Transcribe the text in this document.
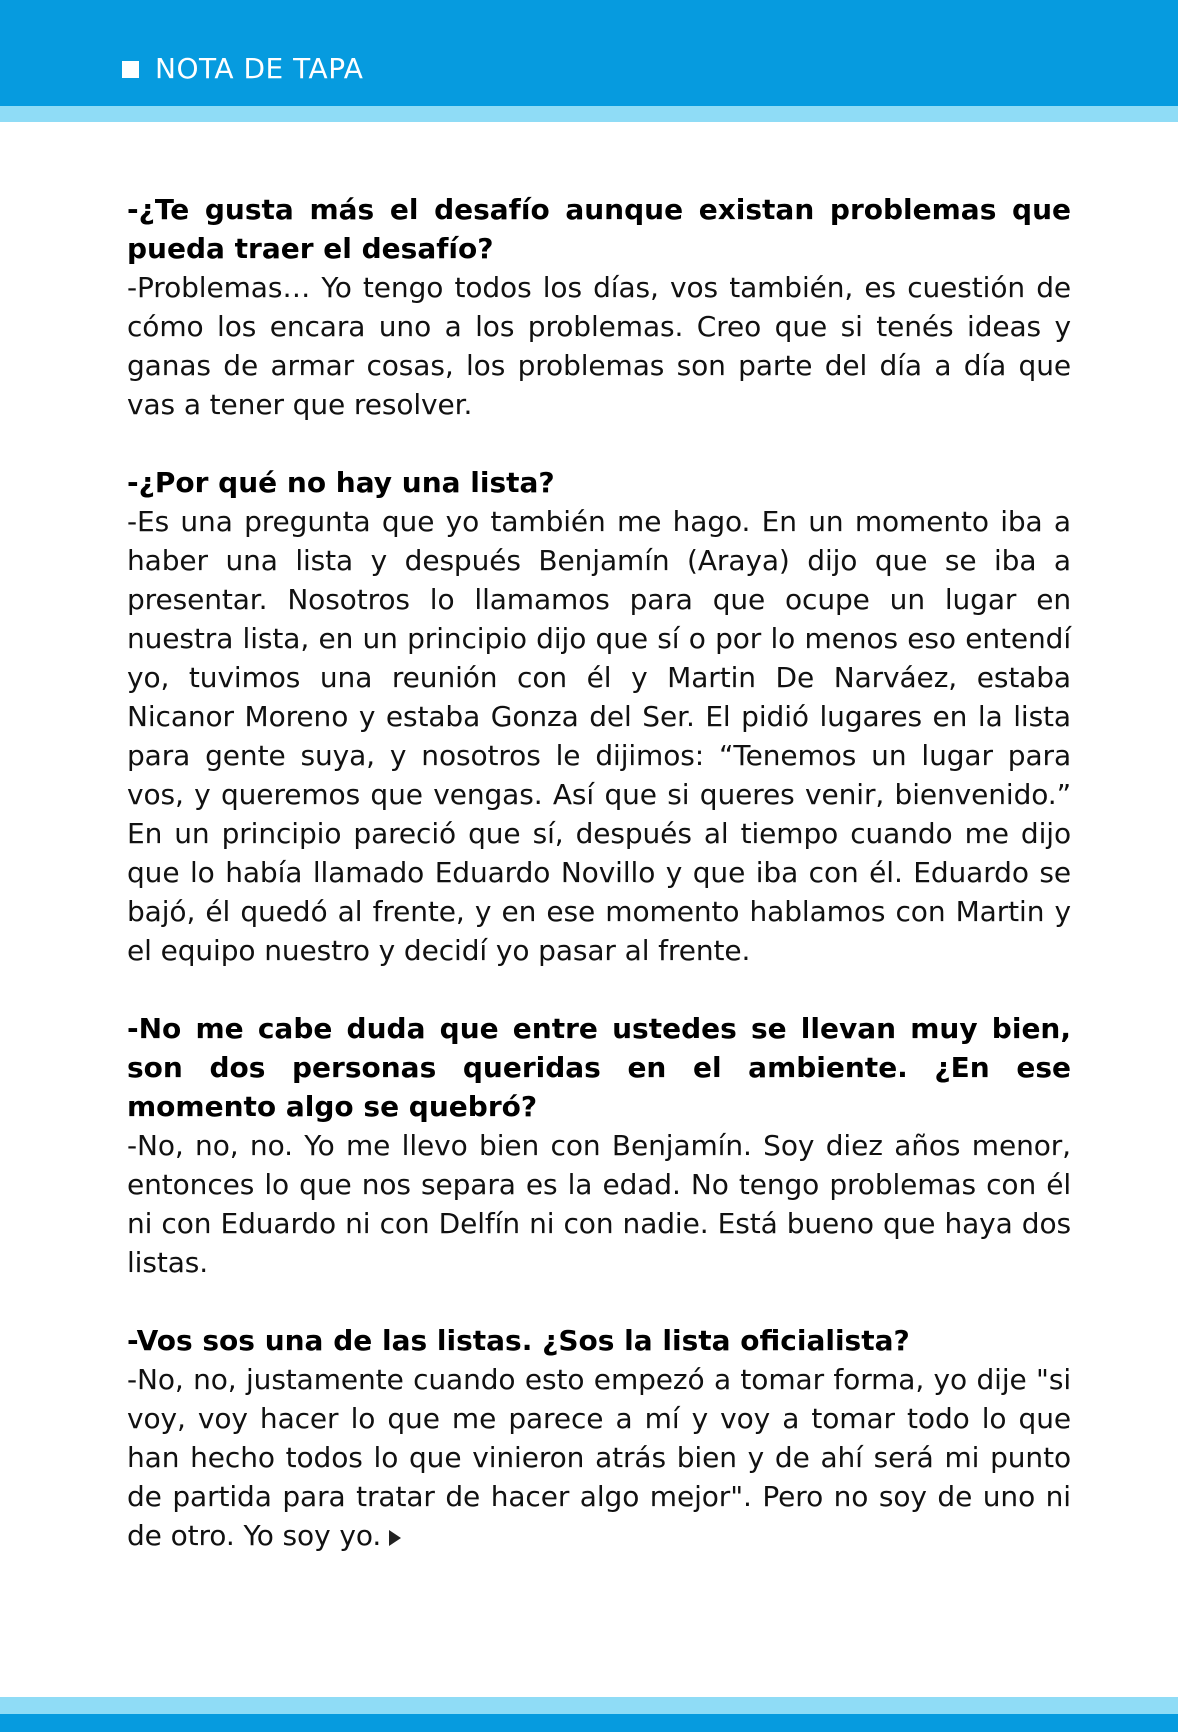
NOTA DE TAPA

-¿Te gusta más el desafío aunque existan problemas que pueda traer el desafío?

-Problemas… Yo tengo todos los días, vos también, es cuestión de cómo los encara uno a los problemas. Creo que si tenés ideas y ganas de armar cosas, los problemas son parte del día a día que vas a tener que resolver.

-¿Por qué no hay una lista?

-Es una pregunta que yo también me hago. En un momento iba a haber una lista y después Benjamín (Araya) dijo que se iba a presentar. Nosotros lo llamamos para que ocupe un lugar en nuestra lista, en un principio dijo que sí o por lo menos eso entendí yo, tuvimos una reunión con él y Martin De Narváez, estaba Nicanor Moreno y estaba Gonza del Ser. El pidió lugares en la lista para gente suya, y nosotros le dijimos: “Tenemos un lugar para vos, y queremos que vengas. Así que si queres venir, bienvenido.” En un principio pareció que sí, después al tiempo cuando me dijo que lo había llamado Eduardo Novillo y que iba con él. Eduardo se bajó, él quedó al frente, y en ese momento hablamos con Martin y el equipo nuestro y decidí yo pasar al frente.

-No me cabe duda que entre ustedes se llevan muy bien, son dos personas queridas en el ambiente. ¿En ese momento algo se quebró?

-No, no, no. Yo me llevo bien con Benjamín. Soy diez años menor, entonces lo que nos separa es la edad. No tengo problemas con él ni con Eduardo ni con Delfín ni con nadie. Está bueno que haya dos listas.

-Vos sos una de las listas. ¿Sos la lista oficialista?

-No, no, justamente cuando esto empezó a tomar forma, yo dije "si voy, voy hacer lo que me parece a mí y voy a tomar todo lo que han hecho todos lo que vinieron atrás bien y de ahí será mi punto de partida para tratar de hacer algo mejor". Pero no soy de uno ni de otro. Yo soy yo.
